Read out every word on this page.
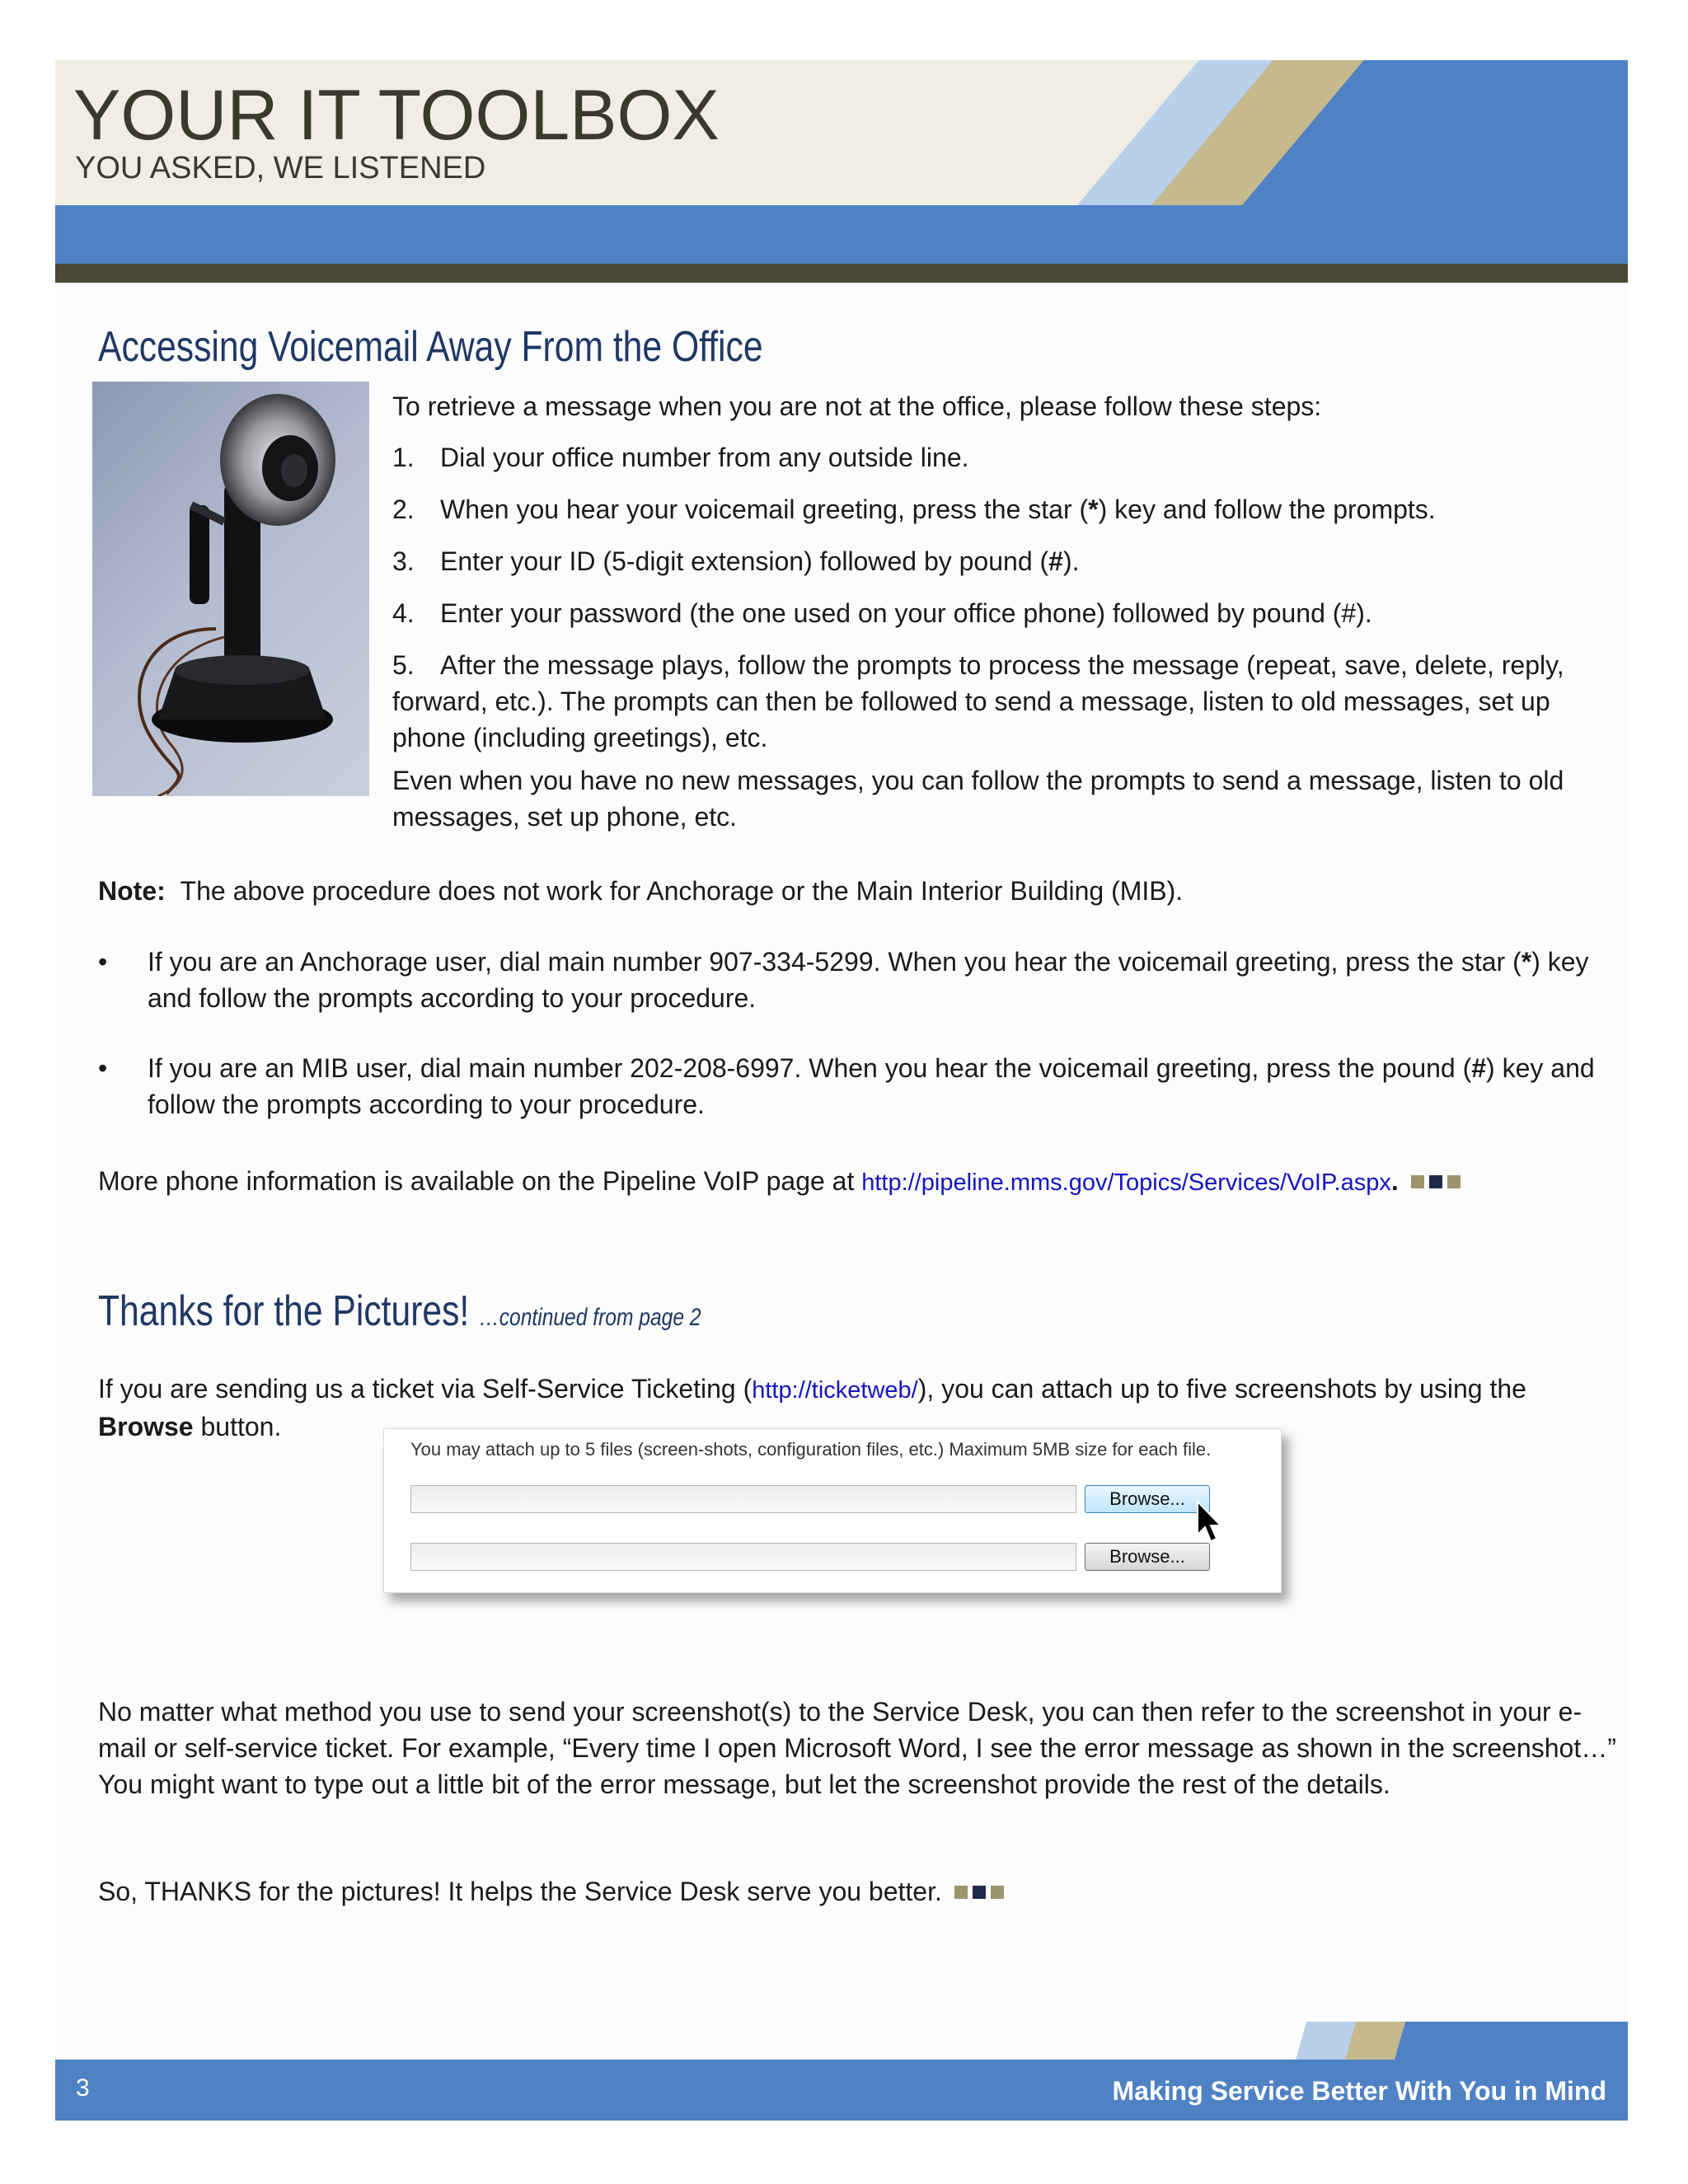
YOUR IT TOOLBOX
YOU ASKED, WE LISTENED
Accessing Voicemail Away From the Office
To retrieve a message when you are not at the office, please follow these steps:
1. Dial your office number from any outside line.
2. When you hear your voicemail greeting, press the star (*) key and follow the prompts.
3. Enter your ID (5-digit extension) followed by pound (#).
4. Enter your password (the one used on your office phone) followed by pound (#).
5. After the message plays, follow the prompts to process the message (repeat, save, delete, reply, forward, etc.). The prompts can then be followed to send a message, listen to old messages, set up phone (including greetings), etc.
Even when you have no new messages, you can follow the prompts to send a message, listen to old messages, set up phone, etc.
Note: The above procedure does not work for Anchorage or the Main Interior Building (MIB).
• If you are an Anchorage user, dial main number 907-334-5299. When you hear the voicemail greeting, press the star (*) key and follow the prompts according to your procedure.
• If you are an MIB user, dial main number 202-208-6997. When you hear the voicemail greeting, press the pound (#) key and follow the prompts according to your procedure.
More phone information is available on the Pipeline VoIP page at http://pipeline.mms.gov/Topics/Services/VoIP.aspx.
Thanks for the Pictures! …continued from page 2
If you are sending us a ticket via Self-Service Ticketing (http://ticketweb/), you can attach up to five screenshots by using the Browse button.
You may attach up to 5 files (screen-shots, configuration files, etc.) Maximum 5MB size for each file.
Browse...
Browse...
No matter what method you use to send your screenshot(s) to the Service Desk, you can then refer to the screenshot in your e-mail or self-service ticket. For example, “Every time I open Microsoft Word, I see the error message as shown in the screenshot…” You might want to type out a little bit of the error message, but let the screenshot provide the rest of the details.
So, THANKS for the pictures! It helps the Service Desk serve you better.
3	Making Service Better With You in Mind
